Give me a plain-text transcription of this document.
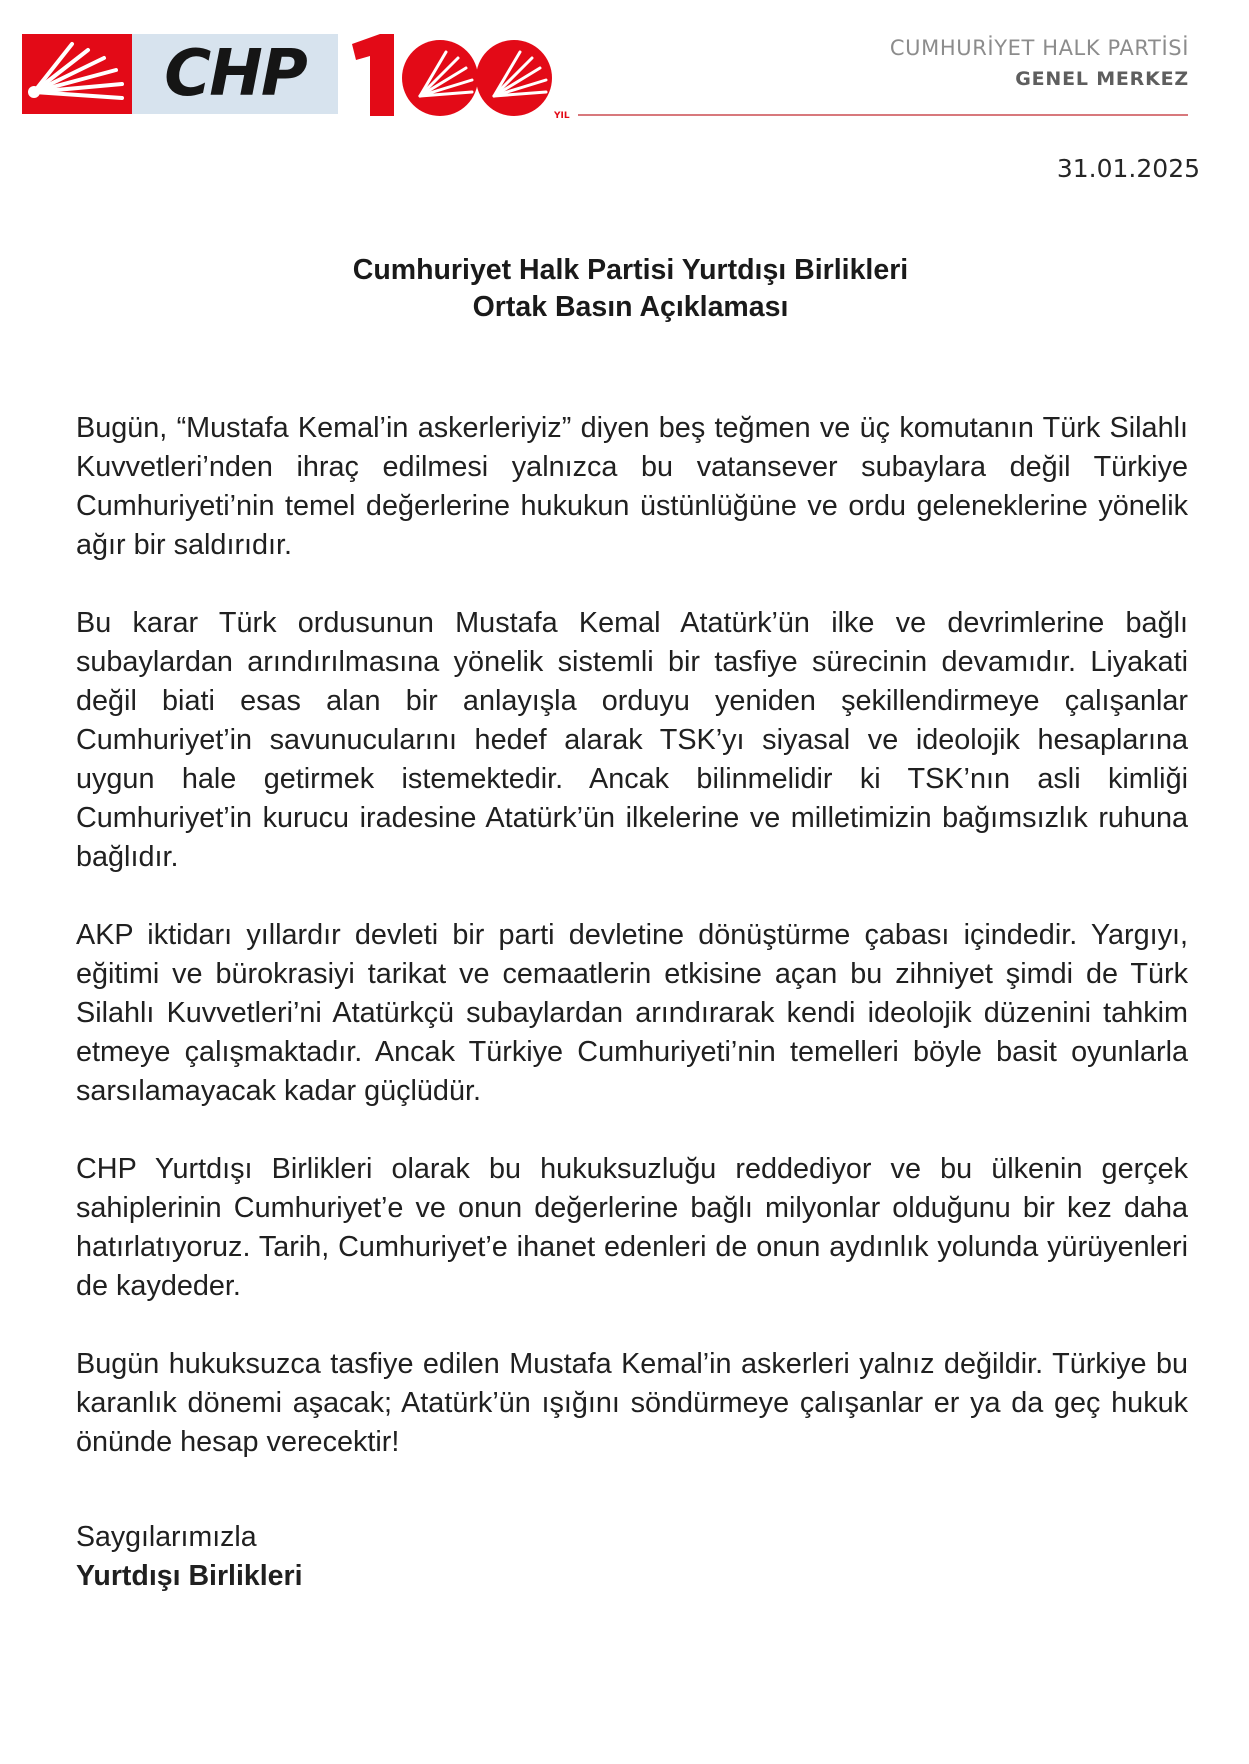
CHP
YIL
CUMHURİYET HALK PARTİSİ
GENEL MERKEZ
31.01.2025
Cumhuriyet Halk Partisi Yurtdışı Birlikleri
Ortak Basın Açıklaması

Bugün, “Mustafa Kemal’in askerleriyiz” diyen beş teğmen ve üç komutanın Türk Silahlı Kuvvetleri’nden ihraç edilmesi yalnızca bu vatansever subaylara değil Türkiye Cumhuriyeti’nin temel değerlerine hukukun üstünlüğüne ve ordu geleneklerine yönelik ağır bir saldırıdır.

Bu karar Türk ordusunun Mustafa Kemal Atatürk’ün ilke ve devrimlerine bağlı subaylardan arındırılmasına yönelik sistemli bir tasfiye sürecinin devamıdır. Liyakati değil biati esas alan bir anlayışla orduyu yeniden şekillendirmeye çalışanlar Cumhuriyet’in savunucularını hedef alarak TSK’yı siyasal ve ideolojik hesaplarına uygun hale getirmek istemektedir. Ancak bilinmelidir ki TSK’nın asli kimliği Cumhuriyet’in kurucu iradesine Atatürk’ün ilkelerine ve milletimizin bağımsızlık ruhuna bağlıdır.

AKP iktidarı yıllardır devleti bir parti devletine dönüştürme çabası içindedir. Yargıyı, eğitimi ve bürokrasiyi tarikat ve cemaatlerin etkisine açan bu zihniyet şimdi de Türk Silahlı Kuvvetleri’ni Atatürkçü subaylardan arındırarak kendi ideolojik düzenini tahkim etmeye çalışmaktadır. Ancak Türkiye Cumhuriyeti’nin temelleri böyle basit oyunlarla sarsılamayacak kadar güçlüdür.

CHP Yurtdışı Birlikleri olarak bu hukuksuzluğu reddediyor ve bu ülkenin gerçek sahiplerinin Cumhuriyet’e ve onun değerlerine bağlı milyonlar olduğunu bir kez daha hatırlatıyoruz. Tarih, Cumhuriyet’e ihanet edenleri de onun aydınlık yolunda yürüyenleri de kaydeder.

Bugün hukuksuzca tasfiye edilen Mustafa Kemal’in askerleri yalnız değildir. Türkiye bu karanlık dönemi aşacak; Atatürk’ün ışığını söndürmeye çalışanlar er ya da geç hukuk önünde hesap verecektir!

Saygılarımızla
Yurtdışı Birlikleri
